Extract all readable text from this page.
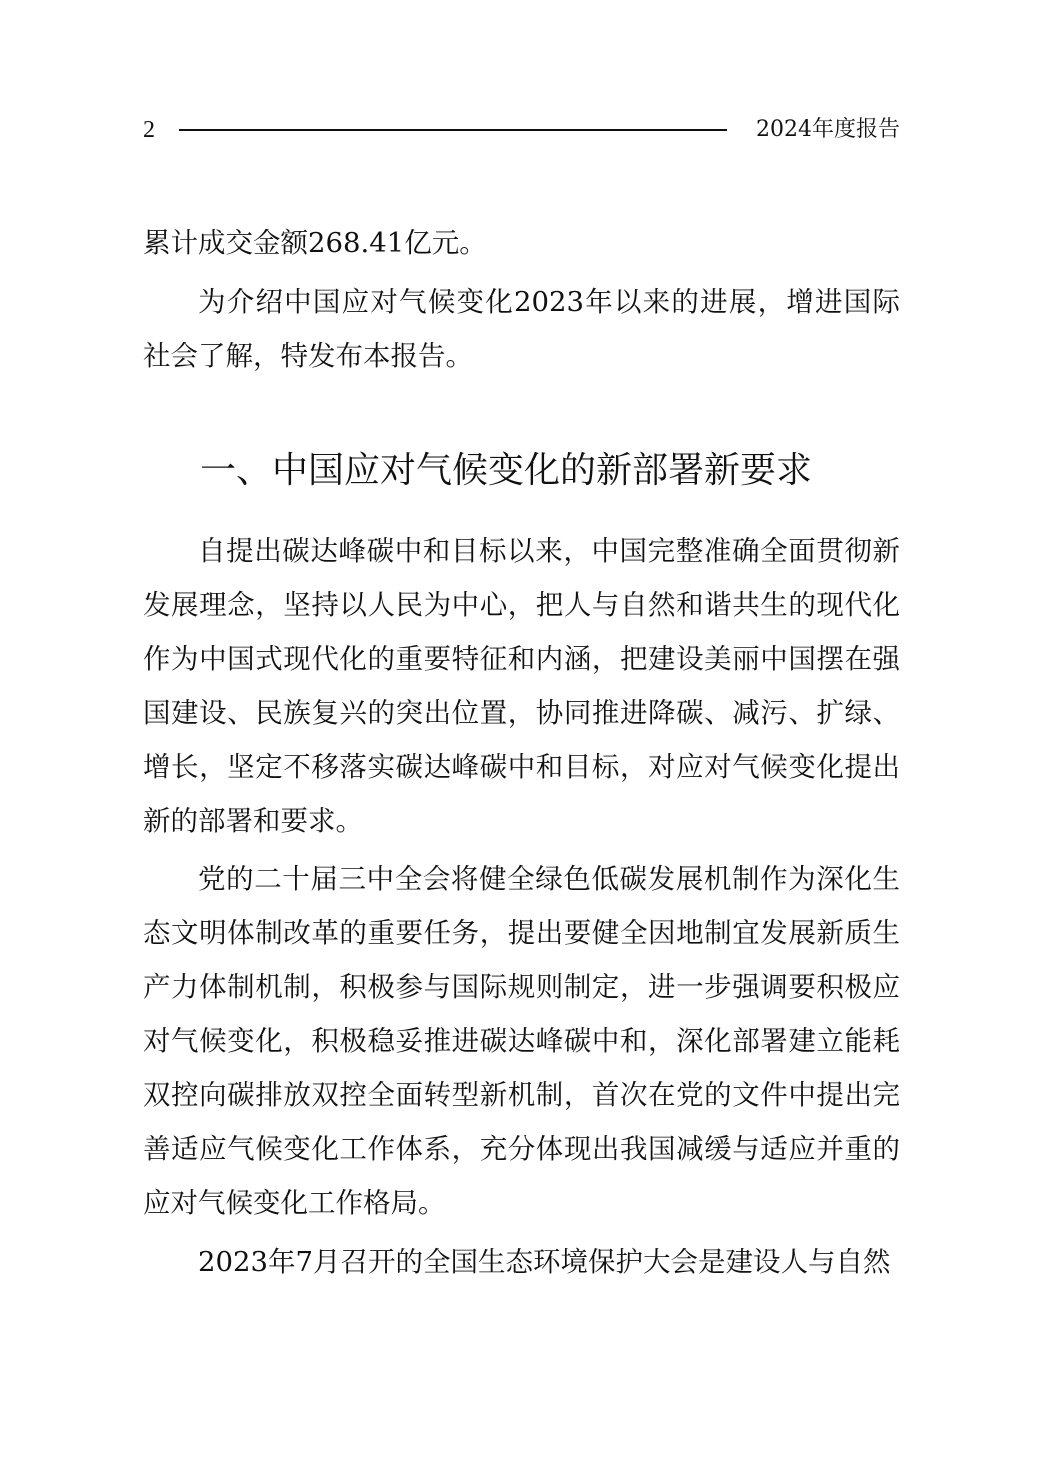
2	2024年度报告

累计成交金额268.41亿元。

为介绍中国应对气候变化2023年以来的进展，增进国际社会了解，特发布本报告。

一、中国应对气候变化的新部署新要求

自提出碳达峰碳中和目标以来，中国完整准确全面贯彻新发展理念，坚持以人民为中心，把人与自然和谐共生的现代化作为中国式现代化的重要特征和内涵，把建设美丽中国摆在强国建设、民族复兴的突出位置，协同推进降碳、减污、扩绿、增长，坚定不移落实碳达峰碳中和目标，对应对气候变化提出新的部署和要求。

党的二十届三中全会将健全绿色低碳发展机制作为深化生态文明体制改革的重要任务，提出要健全因地制宜发展新质生产力体制机制，积极参与国际规则制定，进一步强调要积极应对气候变化，积极稳妥推进碳达峰碳中和，深化部署建立能耗双控向碳排放双控全面转型新机制，首次在党的文件中提出完善适应气候变化工作体系，充分体现出我国减缓与适应并重的应对气候变化工作格局。

2023年7月召开的全国生态环境保护大会是建设人与自然
